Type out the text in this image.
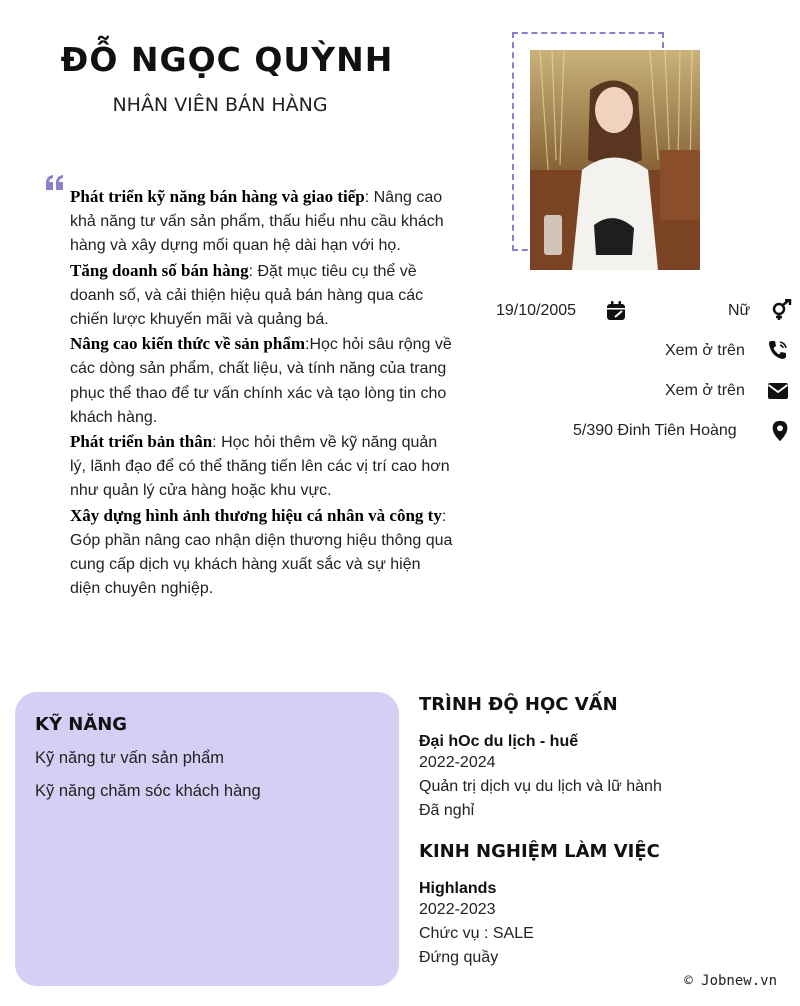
ĐỖ NGỌC QUỲNH
NHÂN VIÊN BÁN HÀNG

Phát triển kỹ năng bán hàng và giao tiếp: Nâng cao khả năng tư vấn sản phẩm, thấu hiểu nhu cầu khách hàng và xây dựng mối quan hệ dài hạn với họ.

Tăng doanh số bán hàng: Đặt mục tiêu cụ thể về doanh số, và cải thiện hiệu quả bán hàng qua các chiến lược khuyến mãi và quảng bá.

Nâng cao kiến thức về sản phẩm:Học hỏi sâu rộng về các dòng sản phẩm, chất liệu, và tính năng của trang phục thể thao để tư vấn chính xác và tạo lòng tin cho khách hàng.

Phát triển bản thân: Học hỏi thêm về kỹ năng quản lý, lãnh đạo để có thể thăng tiến lên các vị trí cao hơn như quản lý cửa hàng hoặc khu vực.

Xây dựng hình ảnh thương hiệu cá nhân và công ty: Góp phần nâng cao nhận diện thương hiệu thông qua cung cấp dịch vụ khách hàng xuất sắc và sự hiện diện chuyên nghiệp.

19/10/2005	Nữ
Xem ở trên
Xem ở trên
5/390 Đinh Tiên Hoàng
KỸ NĂNG
Kỹ năng tư vấn sản phẩm
Kỹ năng chăm sóc khách hàng
TRÌNH ĐỘ HỌC VẤN
Đại hOc du lịch - huế
2022-2024
Quản trị dịch vụ du lịch và lữ hành
Đã nghỉ
KINH NGHIỆM LÀM VIỆC
Highlands
2022-2023
Chức vụ : SALE
Đứng quầy
© Jobnew.vn
